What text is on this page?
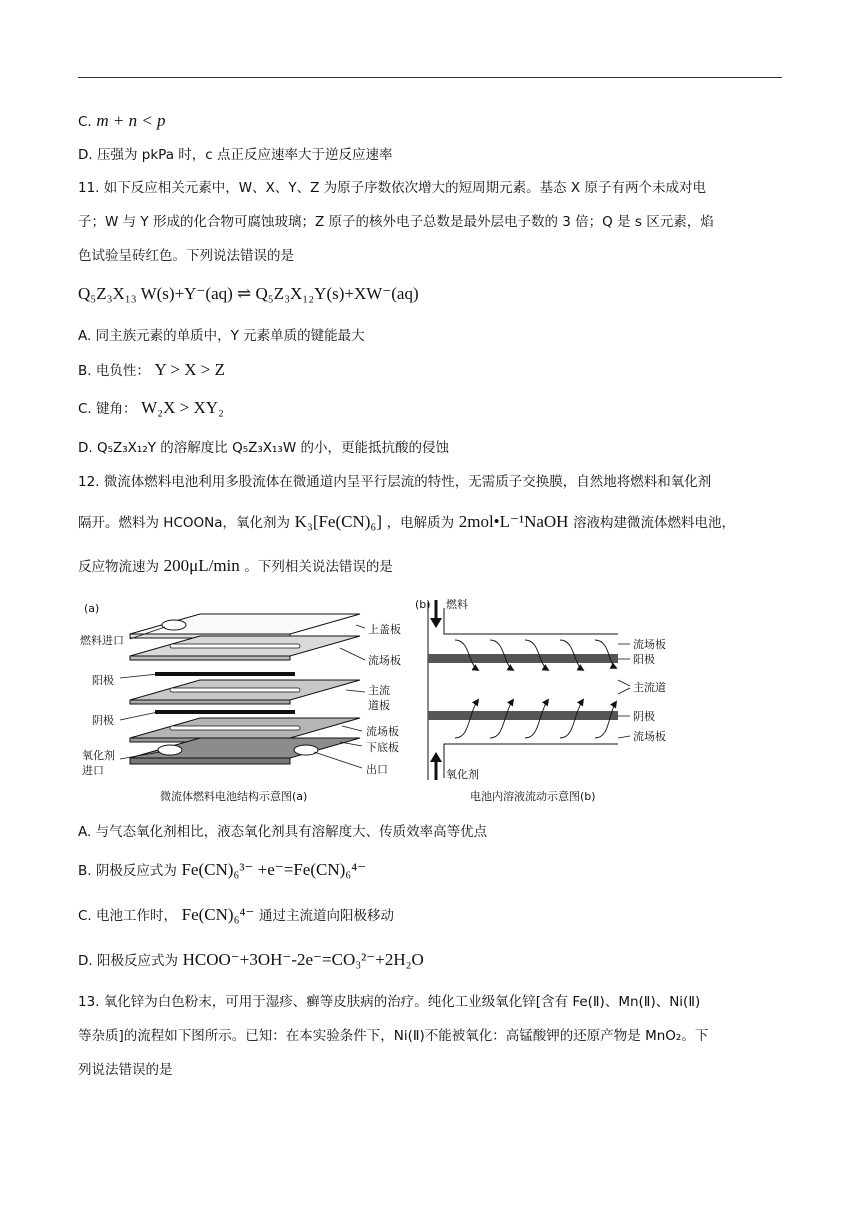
C. m + n < p
D. 压强为 pkPa 时，c 点正反应速率大于逆反应速率
11. 如下反应相关元素中，W、X、Y、Z 为原子序数依次增大的短周期元素。基态 X 原子有两个未成对电
子；W 与 Y 形成的化合物可腐蚀玻璃；Z 原子的核外电子总数是最外层电子数的 3 倍；Q 是 s 区元素，焰
色试验呈砖红色。下列说法错误的是
Q₅Z₃X₁₃ W(s)+Y⁻(aq) ⇌ Q₅Z₃X₁₂Y(s)+XW⁻(aq)
A. 同主族元素的单质中，Y 元素单质的键能最大
B. 电负性： Y > X > Z
C. 键角： W₂X > XY₂
D. Q₅Z₃X₁₂Y 的溶解度比 Q₅Z₃X₁₃W 的小，更能抵抗酸的侵蚀
12. 微流体燃料电池利用多股流体在微通道内呈平行层流的特性，无需质子交换膜，自然地将燃料和氧化剂
隔开。燃料为 HCOONa，氧化剂为 K₃[Fe(CN)₆] ，电解质为 2mol•L⁻¹NaOH 溶液构建微流体燃料电池，
反应物流速为 200μL/min 。下列相关说法错误的是
(a)
燃料进口
上盖板
流场板
阳极
主流
道板
阴极
流场板
下底板
氧化剂
进口	出口
微流体燃料电池结构示意图(a)
(b) 燃料
流场板
阳极
主流道
阴极
流场板
氧化剂
电池内溶液流动示意图(b)
A. 与气态氧化剂相比，液态氧化剂具有溶解度大、传质效率高等优点
B. 阴极反应式为 Fe(CN)₆³⁻ +e⁻=Fe(CN)₆⁴⁻
C. 电池工作时， Fe(CN)₆⁴⁻ 通过主流道向阳极移动
D. 阳极反应式为 HCOO⁻+3OH⁻-2e⁻=CO₃²⁻+2H₂O
13. 氧化锌为白色粉末，可用于湿疹、癣等皮肤病的治疗。纯化工业级氧化锌[含有 Fe(Ⅱ)、Mn(Ⅱ)、Ni(Ⅱ)
等杂质]的流程如下图所示。已知：在本实验条件下，Ni(Ⅱ)不能被氧化：高锰酸钾的还原产物是 MnO₂。下
列说法错误的是
